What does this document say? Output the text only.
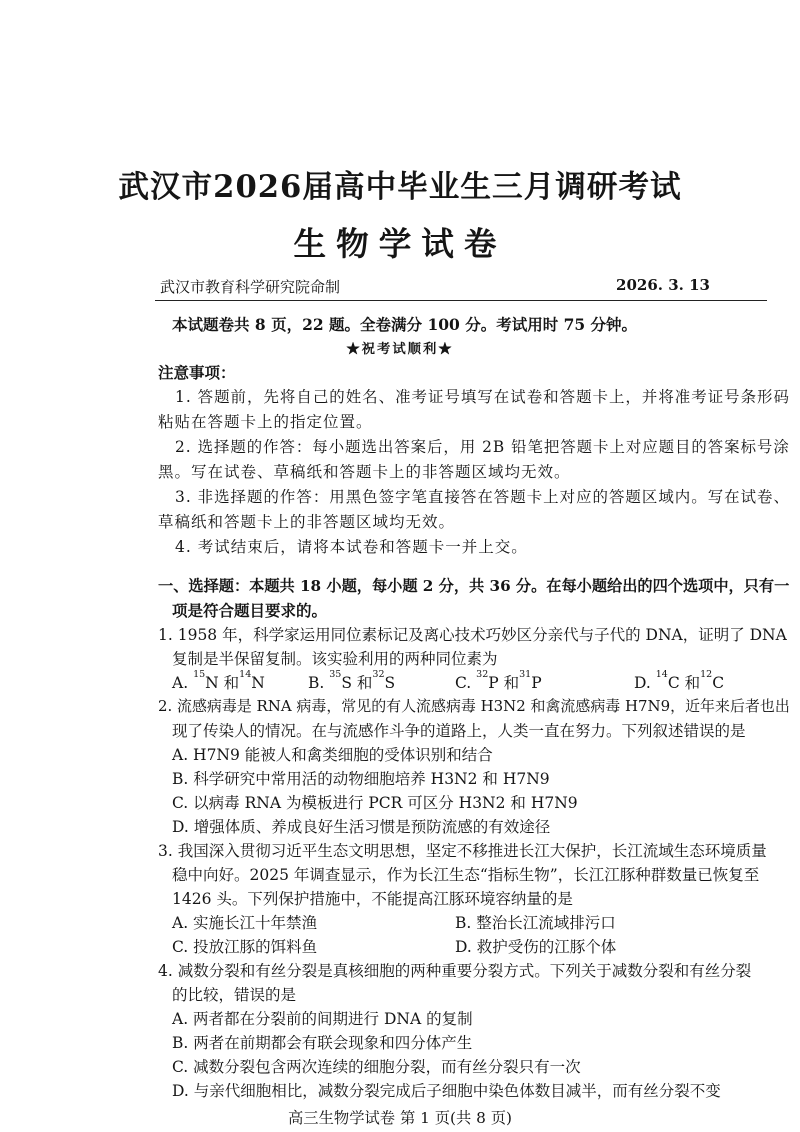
武汉市2026届高中毕业生三月调研考试
生物学试卷
武汉市教育科学研究院命制	2026. 3. 13
本试题卷共 8 页，22 题。全卷满分 100 分。考试用时 75 分钟。
★祝考试顺利★
注意事项：
1. 答题前，先将自己的姓名、准考证号填写在试卷和答题卡上，并将准考证号条形码
粘贴在答题卡上的指定位置。
2. 选择题的作答：每小题选出答案后，用 2B 铅笔把答题卡上对应题目的答案标号涂
黑。写在试卷、草稿纸和答题卡上的非答题区域均无效。
3. 非选择题的作答：用黑色签字笔直接答在答题卡上对应的答题区域内。写在试卷、
草稿纸和答题卡上的非答题区域均无效。
4. 考试结束后，请将本试卷和答题卡一并上交。
一、选择题：本题共 18 小题，每小题 2 分，共 36 分。在每小题给出的四个选项中，只有一
项是符合题目要求的。
1. 1958 年，科学家运用同位素标记及离心技术巧妙区分亲代与子代的 DNA，证明了 DNA
复制是半保留复制。该实验利用的两种同位素为
A. $^{15}$N 和$^{14}$N	B. $^{35}$S 和$^{32}$S	C. $^{32}$P 和$^{31}$P	D. $^{14}$C 和$^{12}$C
2. 流感病毒是 RNA 病毒，常见的有人流感病毒 H3N2 和禽流感病毒 H7N9，近年来后者也出
现了传染人的情况。在与流感作斗争的道路上，人类一直在努力。下列叙述错误的是
A. H7N9 能被人和禽类细胞的受体识别和结合
B. 科学研究中常用活的动物细胞培养 H3N2 和 H7N9
C. 以病毒 RNA 为模板进行 PCR 可区分 H3N2 和 H7N9
D. 增强体质、养成良好生活习惯是预防流感的有效途径
3. 我国深入贯彻习近平生态文明思想，坚定不移推进长江大保护，长江流域生态环境质量
稳中向好。2025 年调查显示，作为长江生态“指标生物”，长江江豚种群数量已恢复至
1426 头。下列保护措施中，不能提高江豚环境容纳量的是
A. 实施长江十年禁渔	B. 整治长江流域排污口
C. 投放江豚的饵料鱼	D. 救护受伤的江豚个体
4. 减数分裂和有丝分裂是真核细胞的两种重要分裂方式。下列关于减数分裂和有丝分裂
的比较，错误的是
A. 两者都在分裂前的间期进行 DNA 的复制
B. 两者在前期都会有联会现象和四分体产生
C. 减数分裂包含两次连续的细胞分裂，而有丝分裂只有一次
D. 与亲代细胞相比，减数分裂完成后子细胞中染色体数目减半，而有丝分裂不变
高三生物学试卷 第 1 页(共 8 页)
